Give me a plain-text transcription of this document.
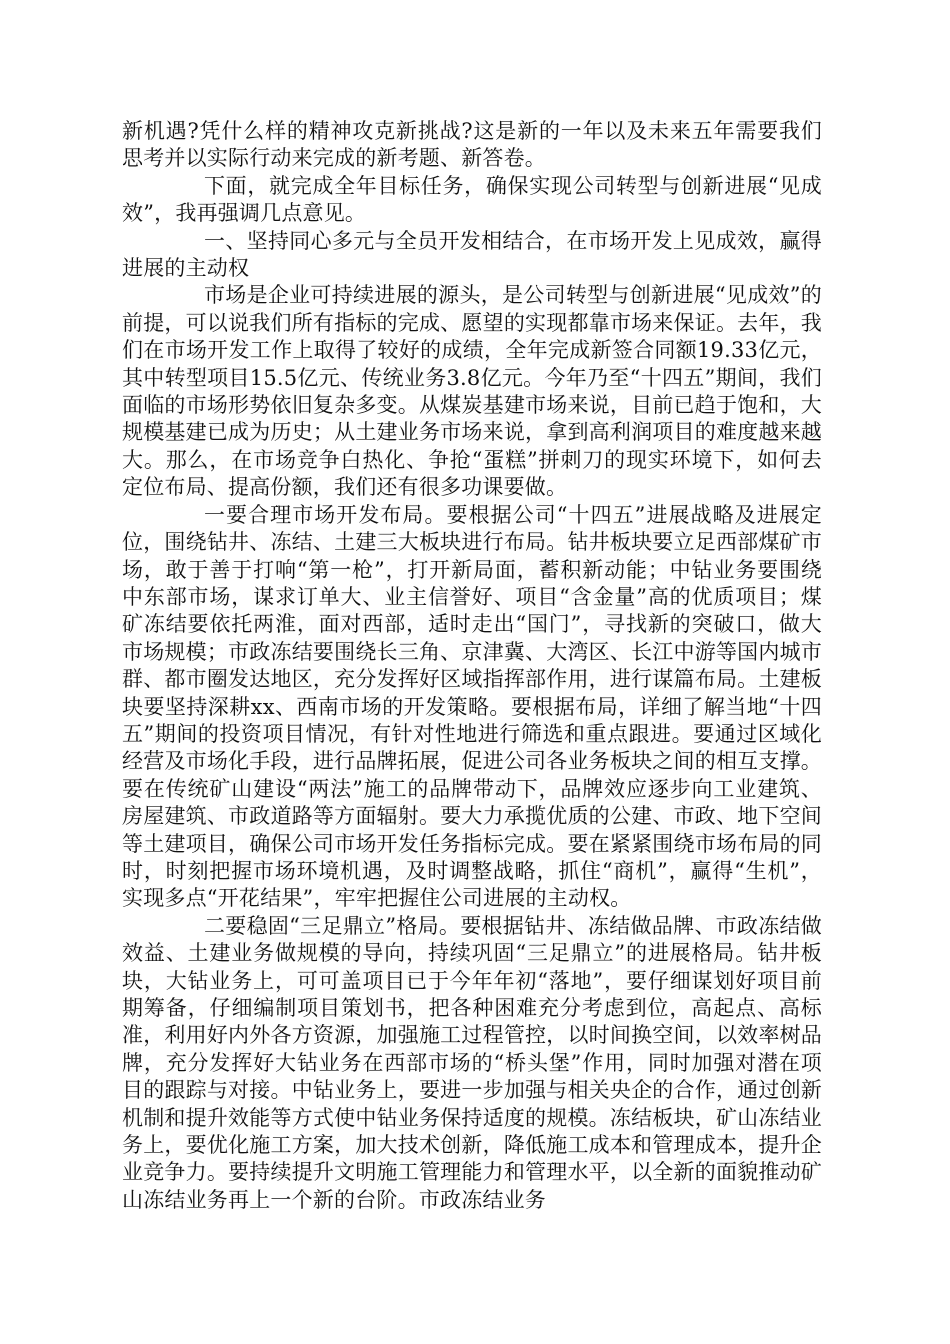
新机遇?凭什么样的精神攻克新挑战?这是新的一年以及未来五年需要我们思考并以实际行动来完成的新考题、新答卷。

下面，就完成全年目标任务，确保实现公司转型与创新进展“见成效”，我再强调几点意见。

一、坚持同心多元与全员开发相结合，在市场开发上见成效，赢得进展的主动权

市场是企业可持续进展的源头，是公司转型与创新进展“见成效”的前提，可以说我们所有指标的完成、愿望的实现都靠市场来保证。去年，我们在市场开发工作上取得了较好的成绩，全年完成新签合同额19.33亿元，其中转型项目15.5亿元、传统业务3.8亿元。今年乃至“十四五”期间，我们面临的市场形势依旧复杂多变。从煤炭基建市场来说，目前已趋于饱和，大规模基建已成为历史；从土建业务市场来说，拿到高利润项目的难度越来越大。那么，在市场竞争白热化、争抢“蛋糕”拼刺刀的现实环境下，如何去定位布局、提高份额，我们还有很多功课要做。

一要合理市场开发布局。要根据公司“十四五”进展战略及进展定位，围绕钻井、冻结、土建三大板块进行布局。钻井板块要立足西部煤矿市场，敢于善于打响“第一枪”，打开新局面，蓄积新动能；中钻业务要围绕中东部市场，谋求订单大、业主信誉好、项目“含金量”高的优质项目；煤矿冻结要依托两淮，面对西部，适时走出“国门”，寻找新的突破口，做大市场规模；市政冻结要围绕长三角、京津冀、大湾区、长江中游等国内城市群、都市圈发达地区，充分发挥好区域指挥部作用，进行谋篇布局。土建板块要坚持深耕xx、西南市场的开发策略。要根据布局，详细了解当地“十四五”期间的投资项目情况，有针对性地进行筛选和重点跟进。要通过区域化经营及市场化手段，进行品牌拓展，促进公司各业务板块之间的相互支撑。要在传统矿山建设“两法”施工的品牌带动下，品牌效应逐步向工业建筑、房屋建筑、市政道路等方面辐射。要大力承揽优质的公建、市政、地下空间等土建项目，确保公司市场开发任务指标完成。要在紧紧围绕市场布局的同时，时刻把握市场环境机遇，及时调整战略，抓住“商机”，赢得“生机”，实现多点“开花结果”，牢牢把握住公司进展的主动权。

二要稳固“三足鼎立”格局。要根据钻井、冻结做品牌、市政冻结做效益、土建业务做规模的导向，持续巩固“三足鼎立”的进展格局。钻井板块，大钻业务上，可可盖项目已于今年年初“落地”，要仔细谋划好项目前期筹备，仔细编制项目策划书，把各种困难充分考虑到位，高起点、高标准，利用好内外各方资源，加强施工过程管控，以时间换空间，以效率树品牌，充分发挥好大钻业务在西部市场的“桥头堡”作用，同时加强对潜在项目的跟踪与对接。中钻业务上，要进一步加强与相关央企的合作，通过创新机制和提升效能等方式使中钻业务保持适度的规模。冻结板块，矿山冻结业务上，要优化施工方案，加大技术创新，降低施工成本和管理成本，提升企业竞争力。要持续提升文明施工管理能力和管理水平，以全新的面貌推动矿山冻结业务再上一个新的台阶。市政冻结业务
